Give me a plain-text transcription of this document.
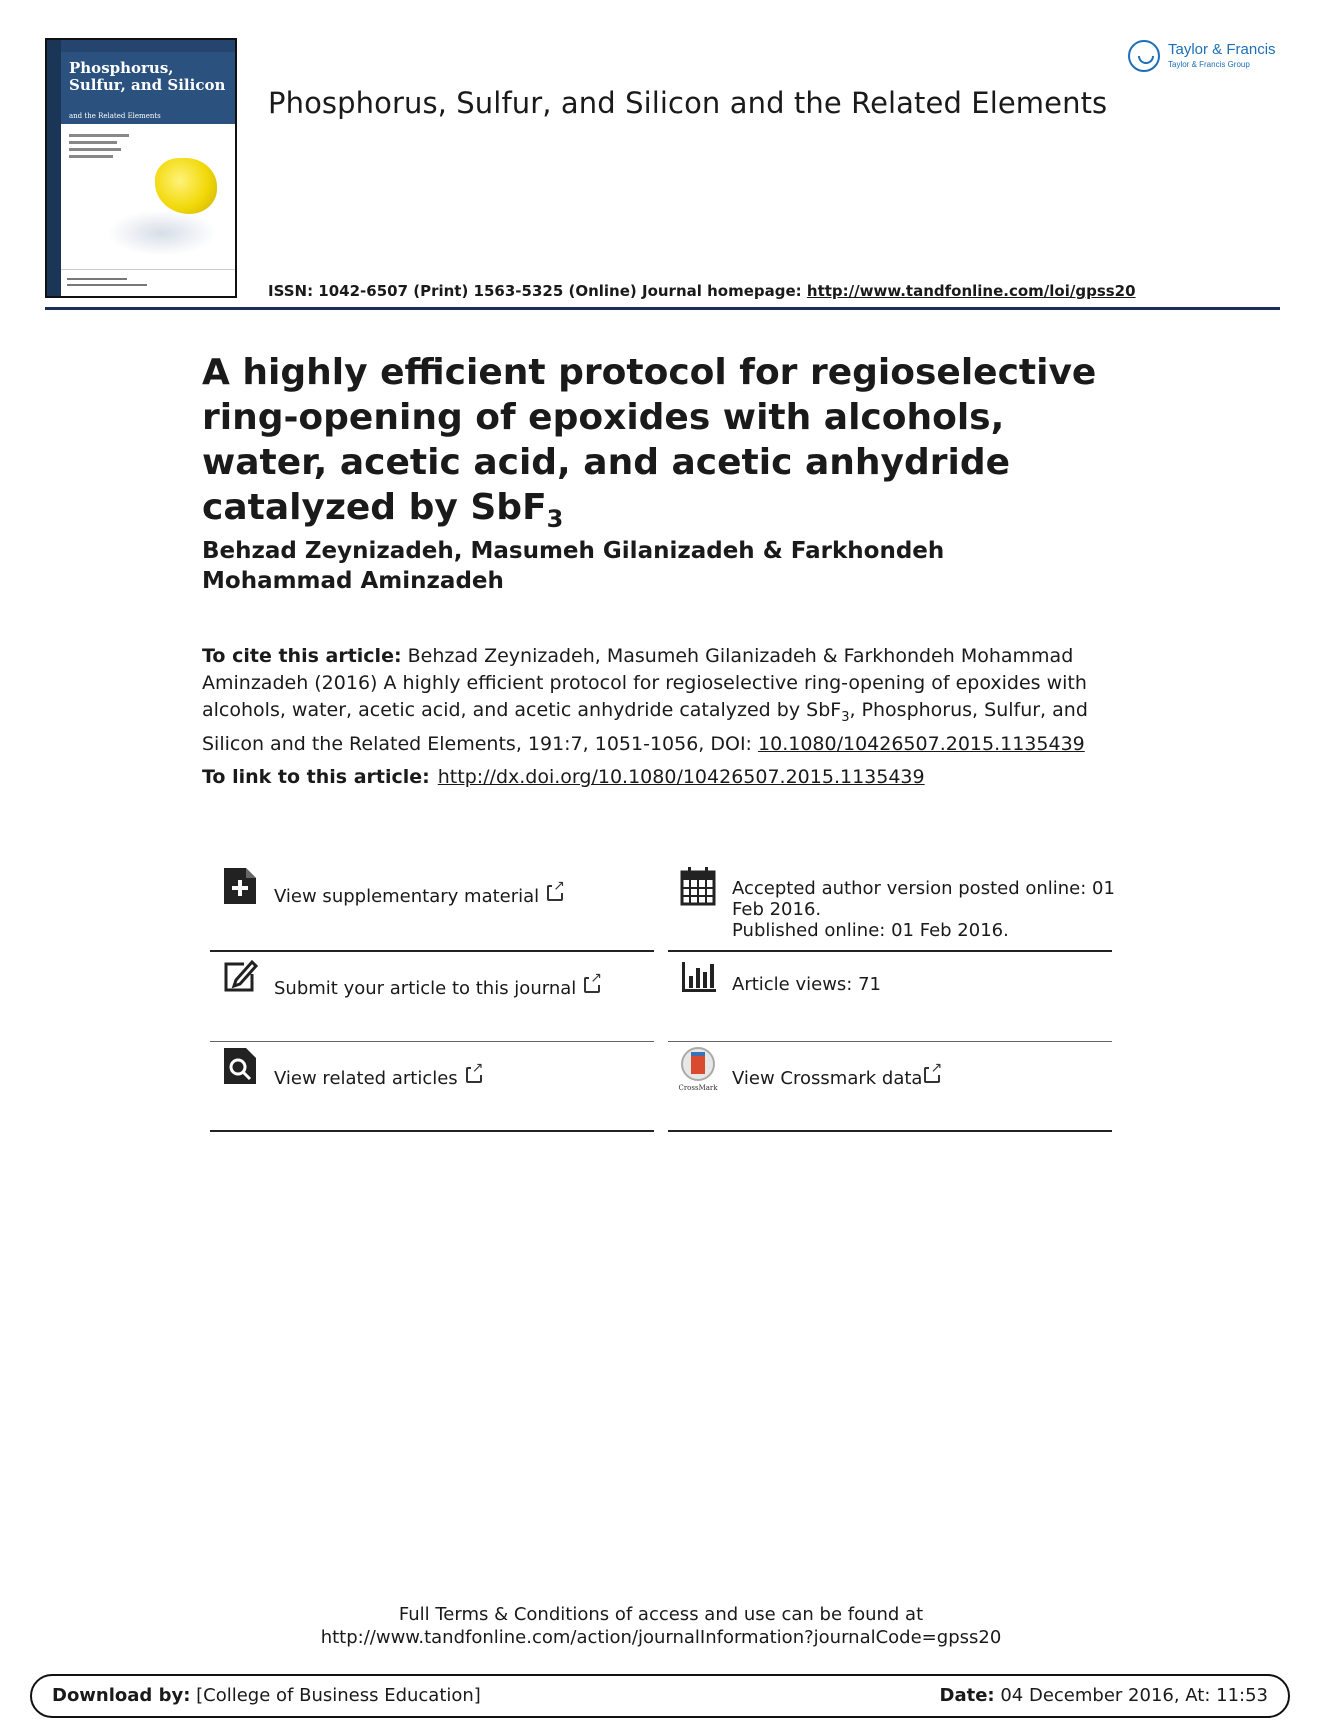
Phosphorus, Sulfur, and Silicon
and the Related Elements
Taylor & Francis
Taylor & Francis Group
Phosphorus, Sulfur, and Silicon and the Related Elements
ISSN: 1042-6507 (Print) 1563-5325 (Online) Journal homepage: http://www.tandfonline.com/loi/gpss20
A highly efficient protocol for regioselective ring-opening of epoxides with alcohols, water, acetic acid, and acetic anhydride catalyzed by SbF$_3$

Behzad Zeynizadeh, Masumeh Gilanizadeh & Farkhondeh Mohammad Aminzadeh

To cite this article: Behzad Zeynizadeh, Masumeh Gilanizadeh & Farkhondeh Mohammad Aminzadeh (2016) A highly efficient protocol for regioselective ring-opening of epoxides with alcohols, water, acetic acid, and acetic anhydride catalyzed by SbF$_3$, Phosphorus, Sulfur, and Silicon and the Related Elements, 191:7, 1051-1056, DOI: 10.1080/10426507.2015.1135439

To link to this article: http://dx.doi.org/10.1080/10426507.2015.1135439
View supplementary material ↗	Accepted author version posted online: 01
Feb 2016.
Published online: 01 Feb 2016.
Submit your article to this journal ↗	Article views: 71
View related articles↗	CrossMark View Crossmark data↗
Full Terms & Conditions of access and use can be found at
http://www.tandfonline.com/action/journalInformation?journalCode=gpss20
Download by: [College of Business Education]	Date: 04 December 2016, At: 11:53
